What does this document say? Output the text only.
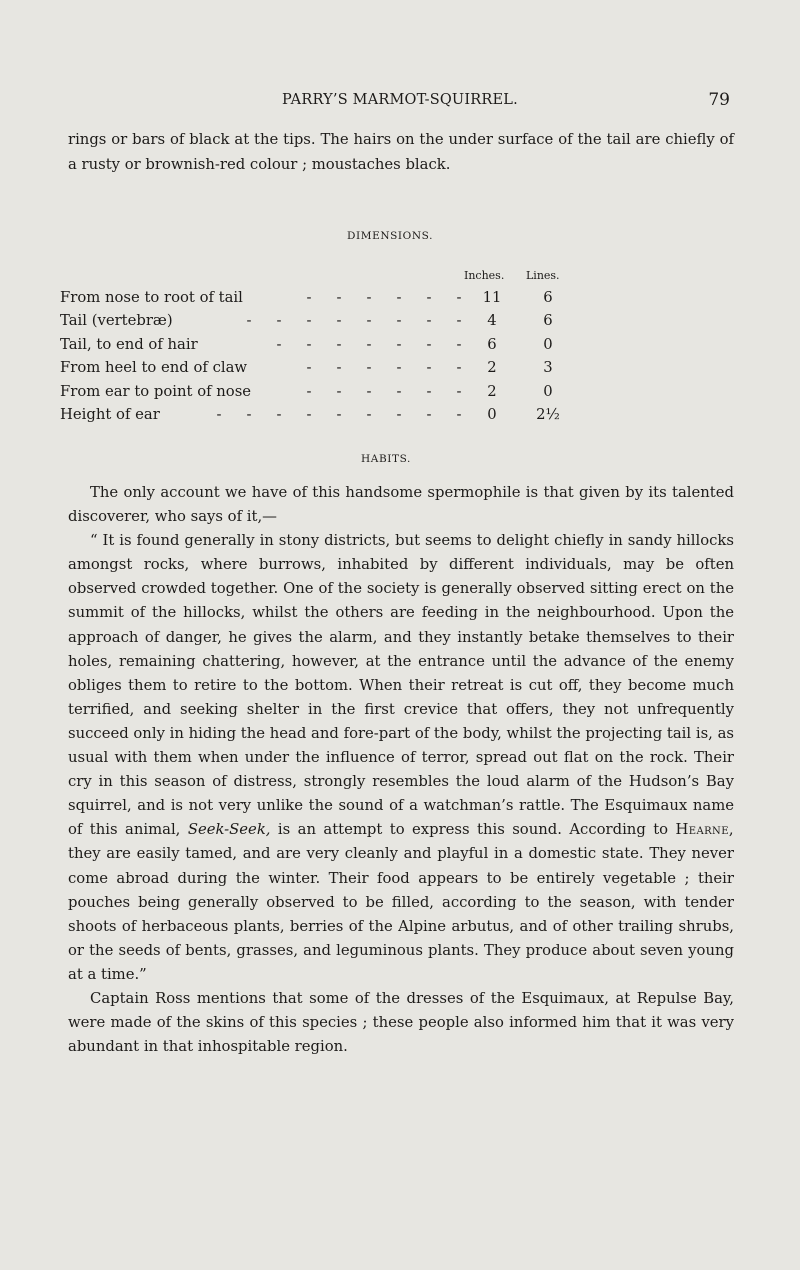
PARRY’S MARMOT-SQUIRREL.	79

rings or bars of black at the tips. The hairs on the under surface of the tail are chiefly of a rusty or brownish-red colour ; moustaches black.

DIMENSIONS.
Inches. Lines.
From nose to root of tail	- - - - - -	11	6
Tail (vertebræ)	- - - - - - - -	4	6
Tail, to end of hair	- - - - - - -	6	0
From heel to end of claw	- - - - - -	2	3
From ear to point of nose	- - - - - -	2	0
Height of ear	- - - - - - - - -	0	2½
HABITS.

The only account we have of this handsome spermophile is that given by its talented discoverer, who says of it,—

“ It is found generally in stony districts, but seems to delight chiefly in sandy hillocks amongst rocks, where burrows, inhabited by different individuals, may be often observed crowded together. One of the society is generally observed sitting erect on the summit of the hillocks, whilst the others are feeding in the neighbourhood. Upon the approach of danger, he gives the alarm, and they instantly betake themselves to their holes, remaining chattering, however, at the entrance until the advance of the enemy obliges them to retire to the bottom. When their retreat is cut off, they become much terrified, and seeking shelter in the first crevice that offers, they not unfrequently succeed only in hiding the head and fore-part of the body, whilst the projecting tail is, as usual with them when under the influence of terror, spread out flat on the rock. Their cry in this season of distress, strongly resembles the loud alarm of the Hudson’s Bay squirrel, and is not very unlike the sound of a watchman’s rattle. The Esquimaux name of this animal, Seek-Seek, is an attempt to express this sound. According to Hearne, they are easily tamed, and are very cleanly and playful in a domestic state. They never come abroad during the winter. Their food appears to be entirely vegetable ; their pouches being generally observed to be filled, according to the season, with tender shoots of herbaceous plants, berries of the Alpine arbutus, and of other trailing shrubs, or the seeds of bents, grasses, and leguminous plants. They produce about seven young at a time.”

Captain Ross mentions that some of the dresses of the Esquimaux, at Repulse Bay, were made of the skins of this species ; these people also informed him that it was very abundant in that inhospitable region.
